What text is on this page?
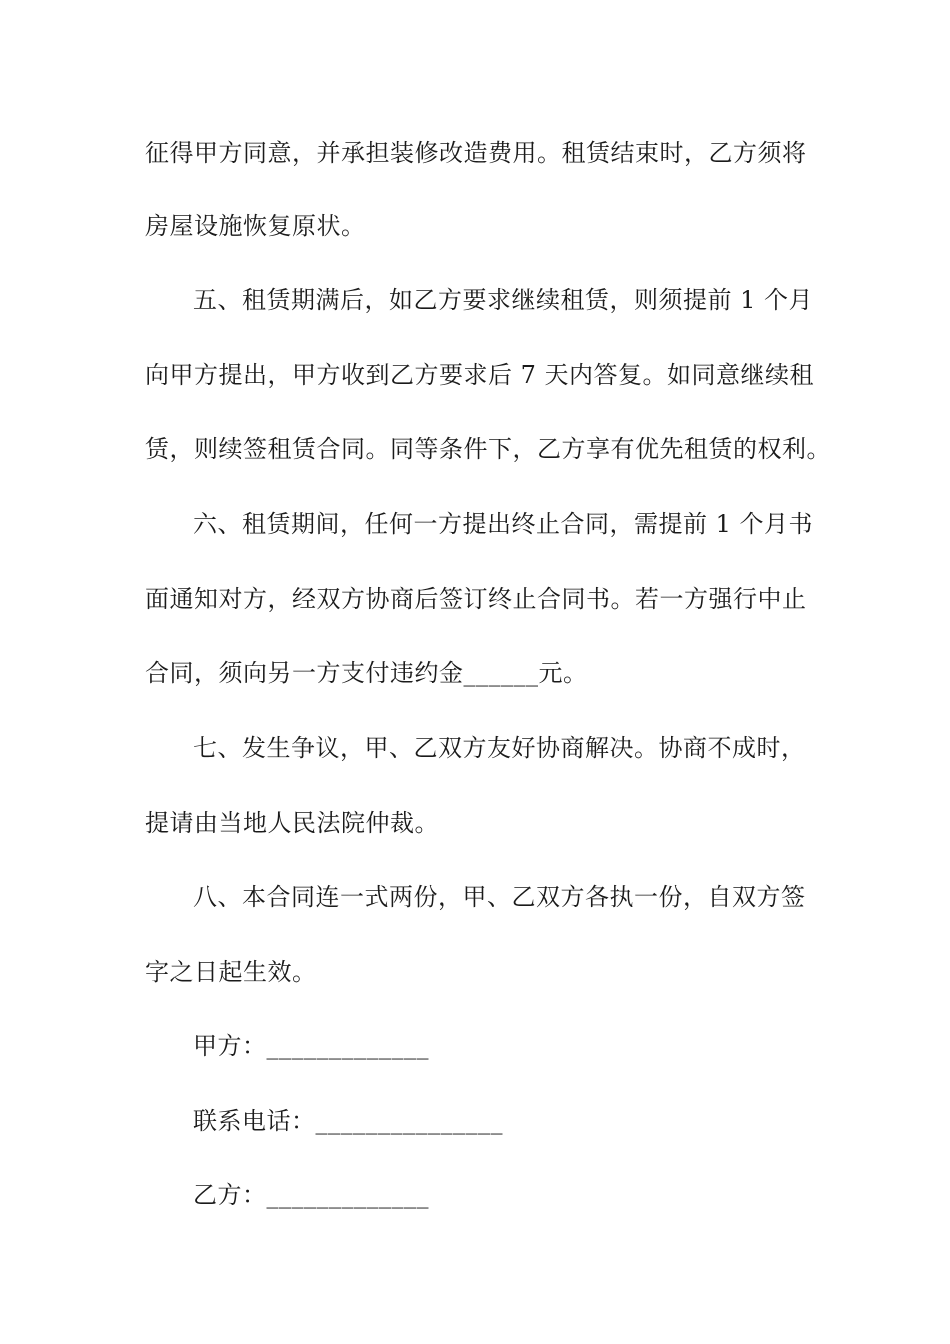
征得甲方同意，并承担装修改造费用。租赁结束时，乙方须将
房屋设施恢复原状。
五、租赁期满后，如乙方要求继续租赁，则须提前 1 个月
向甲方提出，甲方收到乙方要求后 7 天内答复。如同意继续租
赁，则续签租赁合同。同等条件下，乙方享有优先租赁的权利。
六、租赁期间，任何一方提出终止合同，需提前 1 个月书
面通知对方，经双方协商后签订终止合同书。若一方强行中止
合同，须向另一方支付违约金______元。
七、发生争议，甲、乙双方友好协商解决。协商不成时，
提请由当地人民法院仲裁。
八、本合同连一式两份，甲、乙双方各执一份，自双方签
字之日起生效。
甲方：_____________
联系电话：_______________
乙方：_____________
